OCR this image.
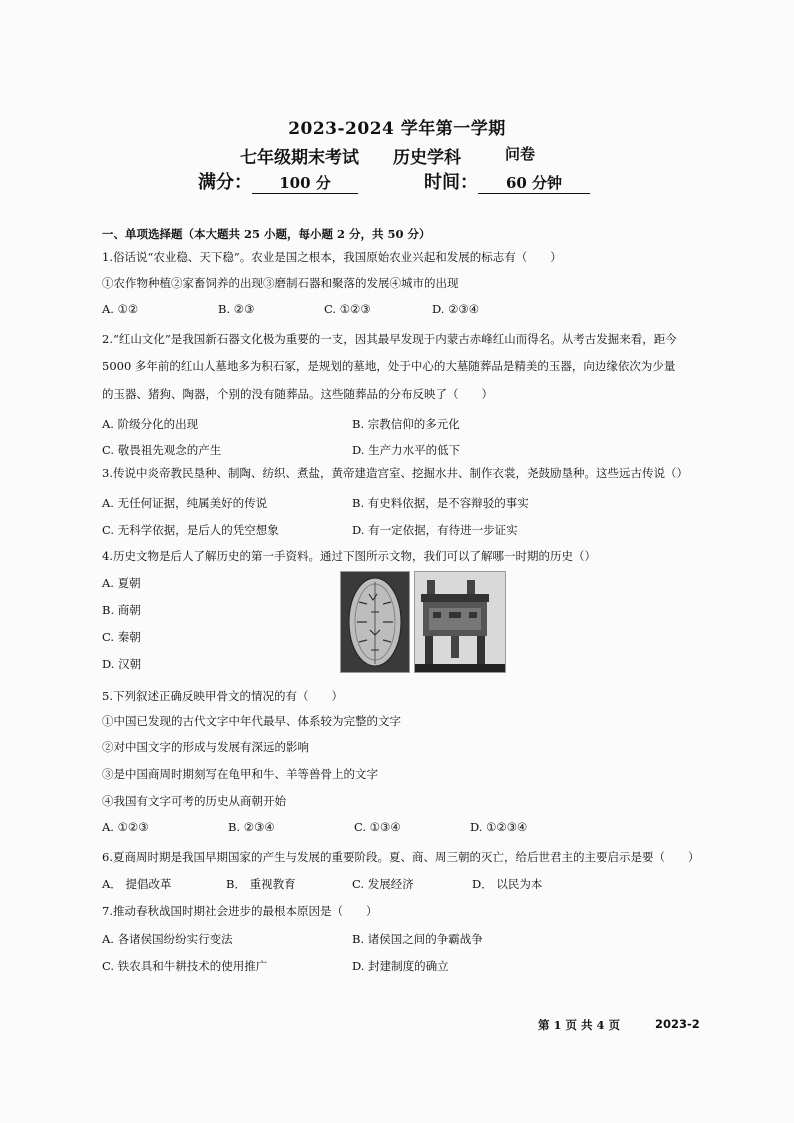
2023-2024 学年第一学期
七年级期末考试 历史学科	问卷
满分： 100 分	时间： 60 分钟
一、单项选择题（本大题共 25 小题，每小题 2 分，共 50 分）
1.俗话说“农业稳、天下稳”。农业是国之根本，我国原始农业兴起和发展的标志有（　　）
①农作物种植②家畜饲养的出现③磨制石器和聚落的发展④城市的出现
A. ①②	B. ②③	C. ①②③	D. ②③④
2.“红山文化”是我国新石器文化极为重要的一支，因其最早发现于内蒙古赤峰红山而得名。从考古发掘来看，距今
5000 多年前的红山人墓地多为积石冢，是规划的墓地，处于中心的大墓随葬品是精美的玉器，向边缘依次为少量
的玉器、猪狗、陶器，个别的没有随葬品。这些随葬品的分布反映了（　　）
A. 阶级分化的出现	B. 宗教信仰的多元化
C. 敬畏祖先观念的产生	D. 生产力水平的低下
3.传说中炎帝教民垦种、制陶、纺织、煮盐，黄帝建造宫室、挖掘水井、制作衣裳，尧鼓励垦种。这些远古传说（）
A. 无任何证据，纯属美好的传说	B. 有史料依据，是不容辩驳的事实
C. 无科学依据，是后人的凭空想象	D. 有一定依据，有待进一步证实
4.历史文物是后人了解历史的第一手资料。通过下图所示文物，我们可以了解哪一时期的历史（）
A. 夏朝
B. 商朝
C. 秦朝
D. 汉朝
5.下列叙述正确反映甲骨文的情况的有（　　）
①中国已发现的古代文字中年代最早、体系较为完整的文字
②对中国文字的形成与发展有深远的影响
③是中国商周时期刻写在龟甲和牛、羊等兽骨上的文字
④我国有文字可考的历史从商朝开始
A. ①②③	B. ②③④	C. ①③④	D. ①②③④
6.夏商周时期是我国早期国家的产生与发展的重要阶段。夏、商、周三朝的灭亡，给后世君主的主要启示是要（　　）
A． 提倡改革	B． 重视教育	C. 发展经济	D． 以民为本
7.推动春秋战国时期社会进步的最根本原因是（　　）
A. 各诸侯国纷纷实行变法	B. 诸侯国之间的争霸战争
C. 铁农具和牛耕技术的使用推广	D. 封建制度的确立
第 1 页 共 4 页	2023-2
